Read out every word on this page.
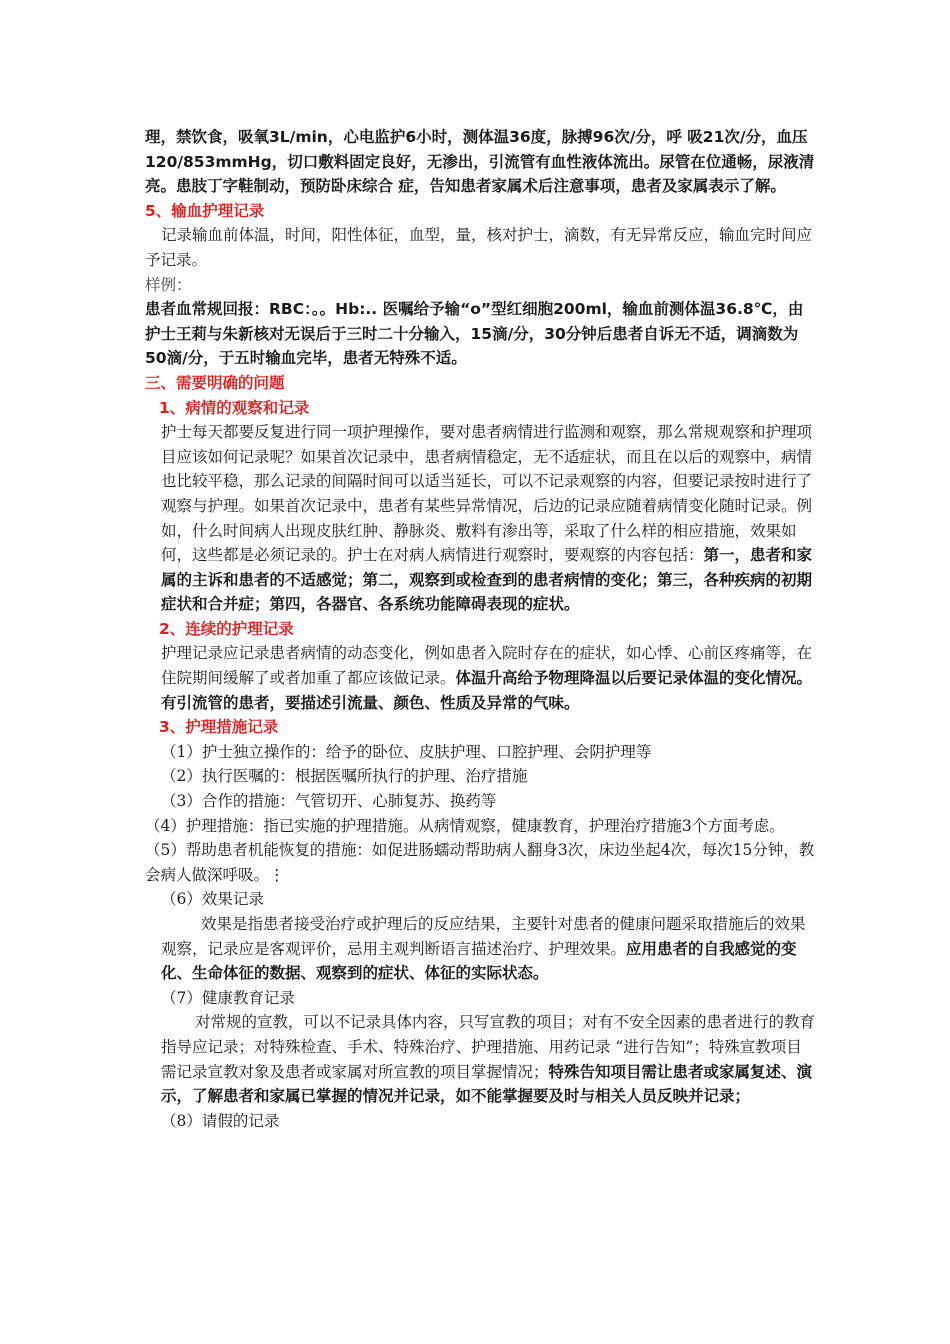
理，禁饮食，吸氧3L/min，心电监护6小时，测体温36度，脉搏96次/分，呼 吸21次/分，血压120/853mmHg，切口敷料固定良好，无渗出，引流管有血性液体流出。尿管在位通畅，尿液清亮。患肢丁字鞋制动，预防卧床综合 症，告知患者家属术后注意事项，患者及家属表示了解。

5、输血护理记录

记录输血前体温，时间，阳性体征，血型，量，核对护士，滴数，有无异常反应，输血完时间应予记录。

样例：

患者血常规回报：RBC：。。Hb:.. 医嘱给予输“o”型红细胞200ml，输血前测体温36.8℃，由护士王莉与朱新核对无误后于三时二十分输入，15滴/分，30分钟后患者自诉无不适，调滴数为50滴/分，于五时输血完毕，患者无特殊不适。

三、需要明确的问题

1、病情的观察和记录

护士每天都要反复进行同一项护理操作，要对患者病情进行监测和观察，那么常规观察和护理项目应该如何记录呢？如果首次记录中，患者病情稳定，无不适症状，而且在以后的观察中，病情也比较平稳，那么记录的间隔时间可以适当延长，可以不记录观察的内容，但要记录按时进行了观察与护理。如果首次记录中，患者有某些异常情况，后边的记录应随着病情变化随时记录。例如，什么时间病人出现皮肤红肿、静脉炎、敷料有渗出等，采取了什么样的相应措施，效果如何，这些都是必须记录的。护士在对病人病情进行观察时，要观察的内容包括：第一，患者和家属的主诉和患者的不适感觉；第二，观察到或检查到的患者病情的变化；第三，各种疾病的初期症状和合并症；第四，各器官、各系统功能障碍表现的症状。

2、连续的护理记录

护理记录应记录患者病情的动态变化，例如患者入院时存在的症状，如心悸、心前区疼痛等，在住院期间缓解了或者加重了都应该做记录。体温升高给予物理降温以后要记录体温的变化情况。有引流管的患者，要描述引流量、颜色、性质及异常的气味。

3、护理措施记录

（1）护士独立操作的：给予的卧位、皮肤护理、口腔护理、会阴护理等

（2）执行医嘱的：根据医嘱所执行的护理、治疗措施

（3）合作的措施：气管切开、心肺复苏、换药等

（4）护理措施：指已实施的护理措施。从病情观察，健康教育，护理治疗措施3个方面考虑。

（5）帮助患者机能恢复的措施：如促进肠蠕动帮助病人翻身3次，床边坐起4次，每次15分钟，教会病人做深呼吸。⋮

（6）效果记录

效果是指患者接受治疗或护理后的反应结果，主要针对患者的健康问题采取措施后的效果观察，记录应是客观评价，忌用主观判断语言描述治疗、护理效果。应用患者的自我感觉的变化、生命体征的数据、观察到的症状、体征的实际状态。

（7）健康教育记录

对常规的宣教，可以不记录具体内容，只写宣教的项目；对有不安全因素的患者进行的教育指导应记录；对特殊检查、手术、特殊治疗、护理措施、用药记录 “进行告知”；特殊宣教项目需记录宣教对象及患者或家属对所宣教的项目掌握情况；特殊告知项目需让患者或家属复述、演示，了解患者和家属已掌握的情况并记录，如不能掌握要及时与相关人员反映并记录；

（8）请假的记录
